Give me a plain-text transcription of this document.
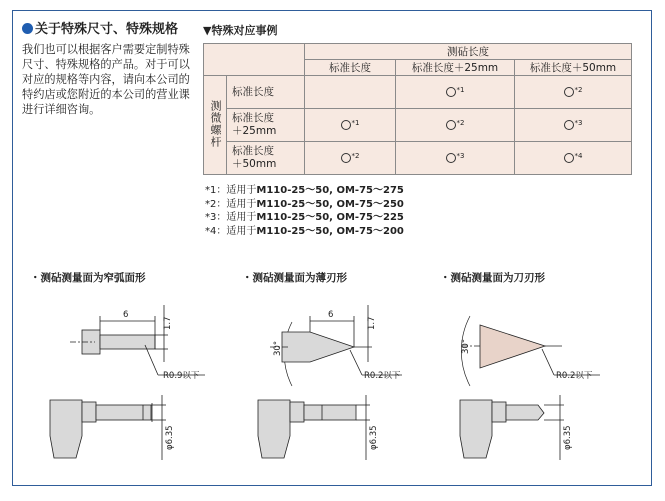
关于特殊尺寸、特殊规格
我们也可以根据客户需要定制特殊尺寸、特殊规格的产品。对于可以对应的规格等内容，请向本公司的特约店或您附近的本公司的营业课进行详细咨询。
▼特殊对应事例
		测砧长度		
		标准长度	标准长度＋25mm	标准长度＋50mm
测微螺杆	标准长度		$^{*1}$	$^{*2}$
	标准长度
＋25mm	$^{*1}$	$^{*2}$	$^{*3}$
	标准长度
＋50mm	$^{*2}$	$^{*3}$	$^{*4}$
*1：适用于M110-25～50, OM-75～275
*2：适用于M110-25～50, OM-75～250
*3：适用于M110-25～50, OM-75～225
*4：适用于M110-25～50, OM-75～200
・测砧测量面为窄弧面形	・测砧测量面为薄刃形	・测砧测量面为刀刃形
6
1.7
R0.9以下
φ6.35
6
1.7
30°
R0.2以下
φ6.35
30°
R0.2以下
φ6.35
